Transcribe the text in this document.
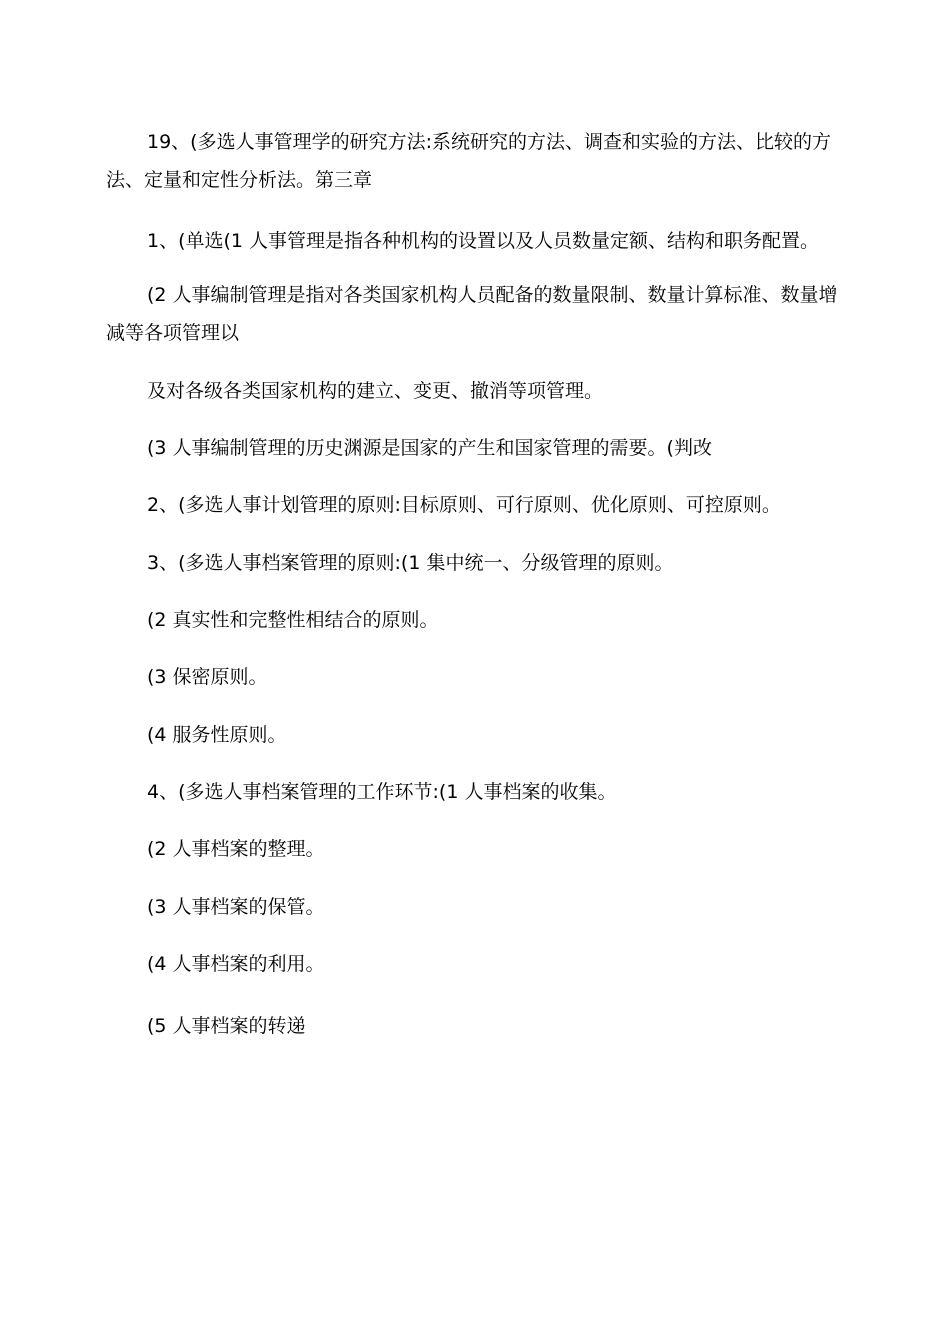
19、(多选人事管理学的研究方法:系统研究的方法、调查和实验的方法、比较的方法、定量和定性分析法。第三章
1、(单选(1 人事管理是指各种机构的设置以及人员数量定额、结构和职务配置。
(2 人事编制管理是指对各类国家机构人员配备的数量限制、数量计算标准、数量增减等各项管理以
及对各级各类国家机构的建立、变更、撤消等项管理。
(3 人事编制管理的历史渊源是国家的产生和国家管理的需要。(判改
2、(多选人事计划管理的原则:目标原则、可行原则、优化原则、可控原则。
3、(多选人事档案管理的原则:(1 集中统一、分级管理的原则。
(2 真实性和完整性相结合的原则。
(3 保密原则。
(4 服务性原则。
4、(多选人事档案管理的工作环节:(1 人事档案的收集。
(2 人事档案的整理。
(3 人事档案的保管。
(4 人事档案的利用。
(5 人事档案的转递
